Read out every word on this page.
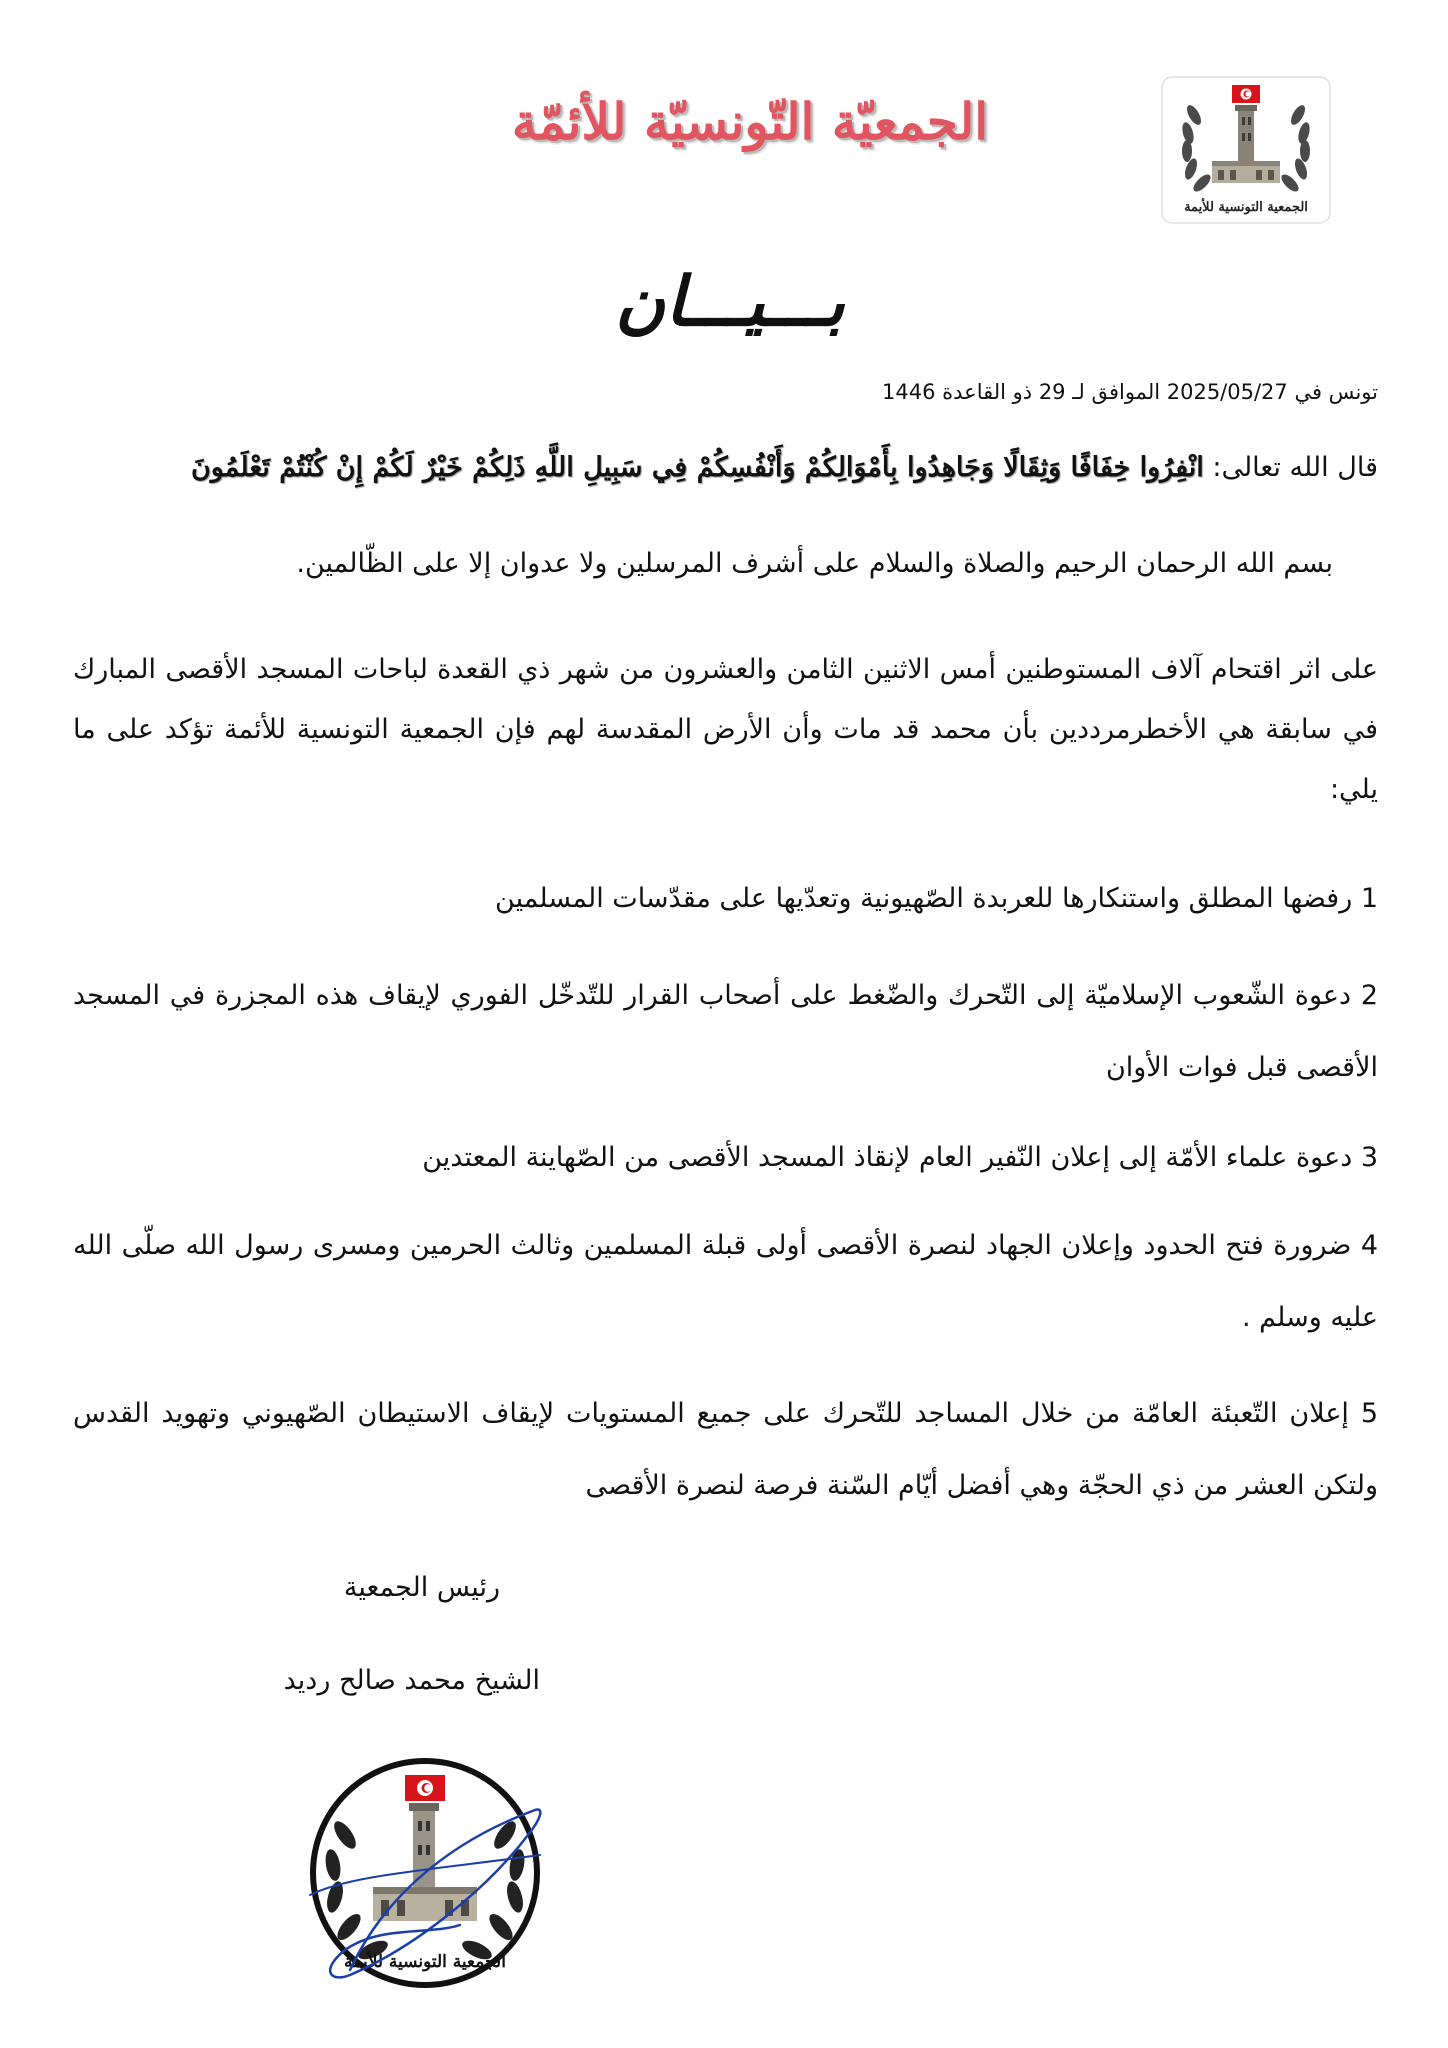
الجمعيّة التّونسيّة للأئمّة
الجمعية التونسية للأيمة
بـــيـــان
تونس في 2025/05/27 الموافق لـ 29 ذو القاعدة 1446
قال الله تعالى: انْفِرُوا خِفَافًا وَثِقَالًا وَجَاهِدُوا بِأَمْوَالِكُمْ وَأَنْفُسِكُمْ فِي سَبِيلِ اللَّهِ ذَلِكُمْ خَيْرٌ لَكُمْ إِنْ كُنْتُمْ تَعْلَمُونَ
بسم الله الرحمان الرحيم والصلاة والسلام على أشرف المرسلين ولا عدوان إلا على الظّالمين.
على اثر اقتحام آلاف المستوطنين أمس الاثنين الثامن والعشرون من شهر ذي القعدة لباحات المسجد الأقصى المبارك في سابقة هي الأخطرمرددين بأن محمد قد مات وأن الأرض المقدسة لهم فإن الجمعية التونسية للأئمة تؤكد على ما يلي:
1 رفضها المطلق واستنكارها للعربدة الصّهيونية وتعدّيها على مقدّسات المسلمين
2 دعوة الشّعوب الإسلاميّة إلى التّحرك والضّغط على أصحاب القرار للتّدخّل الفوري لإيقاف هذه المجزرة في المسجد الأقصى قبل فوات الأوان
3 دعوة علماء الأمّة إلى إعلان النّفير العام لإنقاذ المسجد الأقصى من الصّهاينة المعتدين
4 ضرورة فتح الحدود وإعلان الجهاد لنصرة الأقصى أولى قبلة المسلمين وثالث الحرمين ومسرى رسول الله صلّى الله عليه وسلم .
5 إعلان التّعبئة العامّة من خلال المساجد للتّحرك على جميع المستويات لإيقاف الاستيطان الصّهيوني وتهويد القدس ولتكن العشر من ذي الحجّة وهي أفضل أيّام السّنة فرصة لنصرة الأقصى
رئيس الجمعية
الشيخ محمد صالح رديد
الجمعية التونسية للأيمة
